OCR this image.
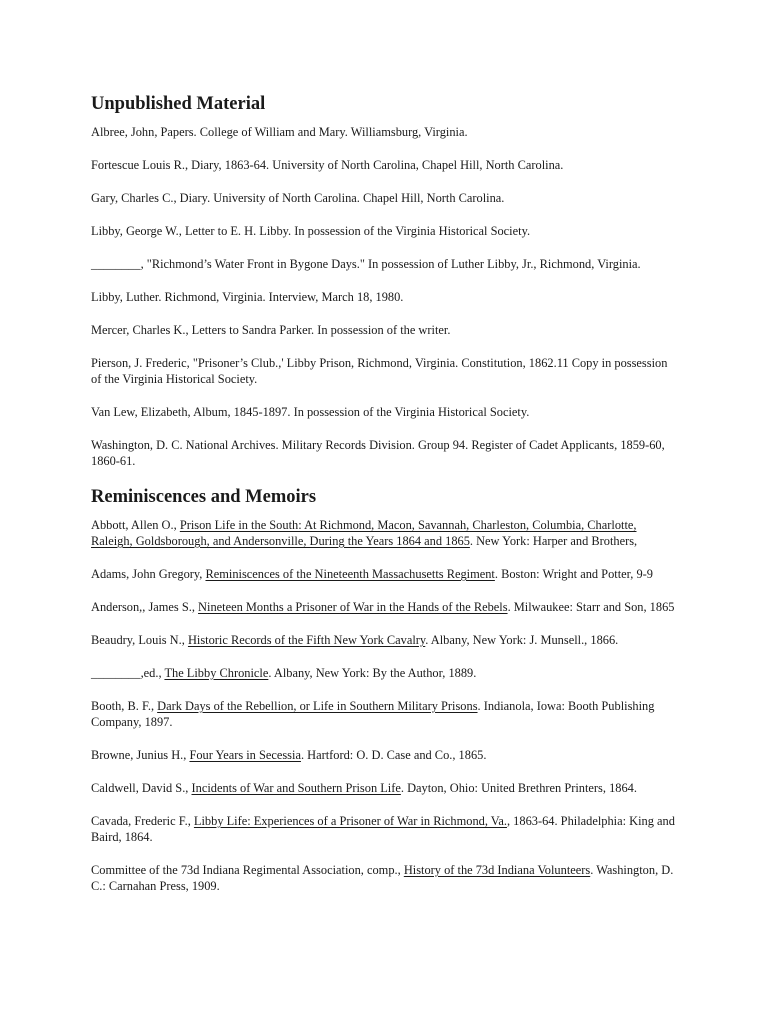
Unpublished Material

Albree, John, Papers. College of William and Mary. Williamsburg, Virginia.

Fortescue Louis R., Diary, 1863-64. University of North Carolina, Chapel Hill, North Carolina.

Gary, Charles C., Diary. University of North Carolina. Chapel Hill, North Carolina.

Libby, George W., Letter to E. H. Libby. In possession of the Virginia Historical Society.

________, "Richmond’s Water Front in Bygone Days." In possession of Luther Libby, Jr., Richmond, Virginia.

Libby, Luther. Richmond, Virginia. Interview, March 18, 1980.

Mercer, Charles K., Letters to Sandra Parker. In possession of the writer.

Pierson, J. Frederic, "Prisoner’s Club.,' Libby Prison, Richmond, Virginia. Constitution, 1862.11 Copy in possession of the Virginia Historical Society.

Van Lew, Elizabeth, Album, 1845-1897. In possession of the Virginia Historical Society.

Washington, D. C. National Archives. Military Records Division. Group 94. Register of Cadet Applicants, 1859-60, 1860-61.

Reminiscences and Memoirs

Abbott, Allen O., Prison Life in the South: At Richmond, Macon, Savannah, Charleston, Columbia, Charlotte, Raleigh, Goldsborough, and Andersonville, During the Years 1864 and 1865. New York: Harper and Brothers,

Adams, John Gregory, Reminiscences of the Nineteenth Massachusetts Regiment. Boston: Wright and Potter, 9-9

Anderson,, James S., Nineteen Months a Prisoner of War in the Hands of the Rebels. Milwaukee: Starr and Son, 1865

Beaudry, Louis N., Historic Records of the Fifth New York Cavalry. Albany, New York: J. Munsell., 1866.

________,ed., The Libby Chronicle. Albany, New York: By the Author, 1889.

Booth, B. F., Dark Days of the Rebellion, or Life in Southern Military Prisons. Indianola, Iowa: Booth Publishing Company, 1897.

Browne, Junius H., Four Years in Secessia. Hartford: O. D. Case and Co., 1865.

Caldwell, David S., Incidents of War and Southern Prison Life. Dayton, Ohio: United Brethren Printers, 1864.

Cavada, Frederic F., Libby Life: Experiences of a Prisoner of War in Richmond, Va., 1863-64. Philadelphia: King and Baird, 1864.

Committee of the 73d Indiana Regimental Association, comp., History of the 73d Indiana Volunteers. Washington, D. C.: Carnahan Press, 1909.
